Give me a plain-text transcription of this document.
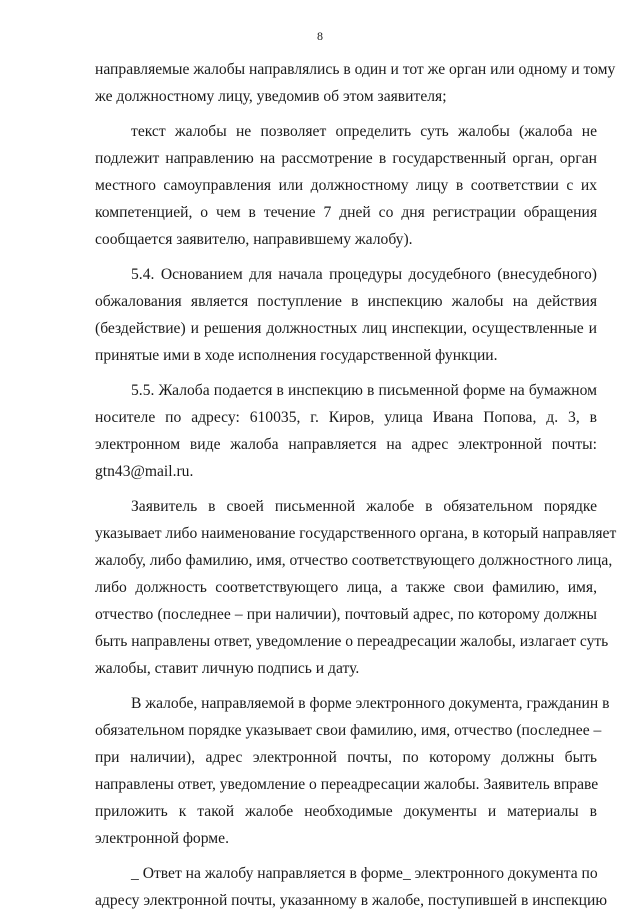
8
направляемые жалобы направлялись в один и тот же орган или одному и тому
же должностному лицу, уведомив об этом заявителя;
текст жалобы не позволяет определить суть жалобы (жалоба не
подлежит направлению на рассмотрение в государственный орган, орган
местного самоуправления или должностному лицу в соответствии с их
компетенцией, о чем в течение 7 дней со дня регистрации обращения
сообщается заявителю, направившему жалобу).
5.4. Основанием для начала процедуры досудебного (внесудебного)
обжалования является поступление в инспекцию жалобы на действия
(бездействие) и решения должностных лиц инспекции, осуществленные и
принятые ими в ходе исполнения государственной функции.
5.5. Жалоба подается в инспекцию в письменной форме на бумажном
носителе по адресу: 610035, г. Киров, улица Ивана Попова, д. 3, в
электронном виде жалоба направляется на адрес электронной почты:
gtn43@mail.ru.
Заявитель в своей письменной жалобе в обязательном порядке
указывает либо наименование государственного органа, в который направляет
жалобу, либо фамилию, имя, отчество соответствующего должностного лица,
либо должность соответствующего лица, а также свои фамилию, имя,
отчество (последнее – при наличии), почтовый адрес, по которому должны
быть направлены ответ, уведомление о переадресации жалобы, излагает суть
жалобы, ставит личную подпись и дату.
В жалобе, направляемой в форме электронного документа, гражданин в
обязательном порядке указывает свои фамилию, имя, отчество (последнее –
при наличии), адрес электронной почты, по которому должны быть
направлены ответ, уведомление о переадресации жалобы. Заявитель вправе
приложить к такой жалобе необходимые документы и материалы в
электронной форме.
_ Ответ на жалобу направляется в форме_ электронного документа по
адресу электронной почты, указанному в жалобе, поступившей в инспекцию
